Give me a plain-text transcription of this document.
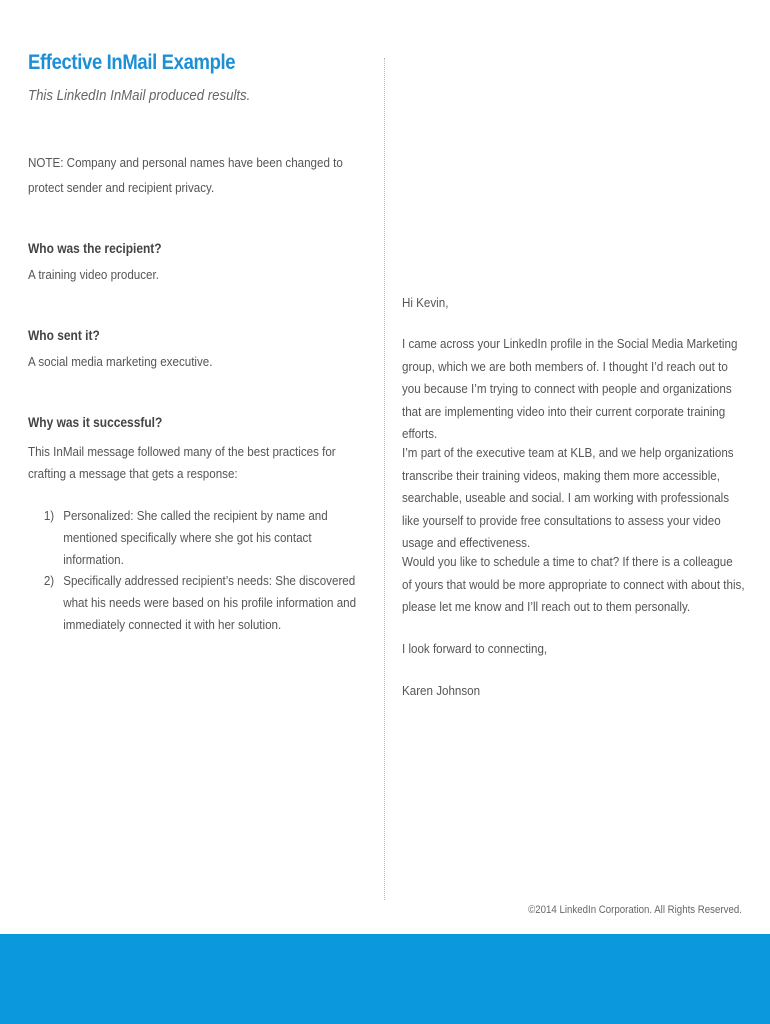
Effective InMail Example

This LinkedIn InMail produced results.

NOTE: Company and personal names have been changed to protect sender and recipient privacy.

Who was the recipient?

A training video producer.

Who sent it?

A social media marketing executive.

Why was it successful?

This InMail message followed many of the best practices for crafting a message that gets a response:

1) Personalized: She called the recipient by name and mentioned specifically where she got his contact information.
2) Specifically addressed recipient’s needs: She discovered what his needs were based on his profile information and immediately connected it with her solution.

Hi Kevin,

I came across your LinkedIn profile in the Social Media Marketing group, which we are both members of. I thought I’d reach out to you because I’m trying to connect with people and organizations that are implementing video into their current corporate training efforts.

I’m part of the executive team at KLB, and we help organizations transcribe their training videos, making them more accessible, searchable, useable and social. I am working with professionals like yourself to provide free consultations to assess your video usage and effectiveness.

Would you like to schedule a time to chat? If there is a colleague of yours that would be more appropriate to connect with about this, please let me know and I’ll reach out to them personally.

I look forward to connecting,

Karen Johnson

©2014 LinkedIn Corporation. All Rights Reserved.
